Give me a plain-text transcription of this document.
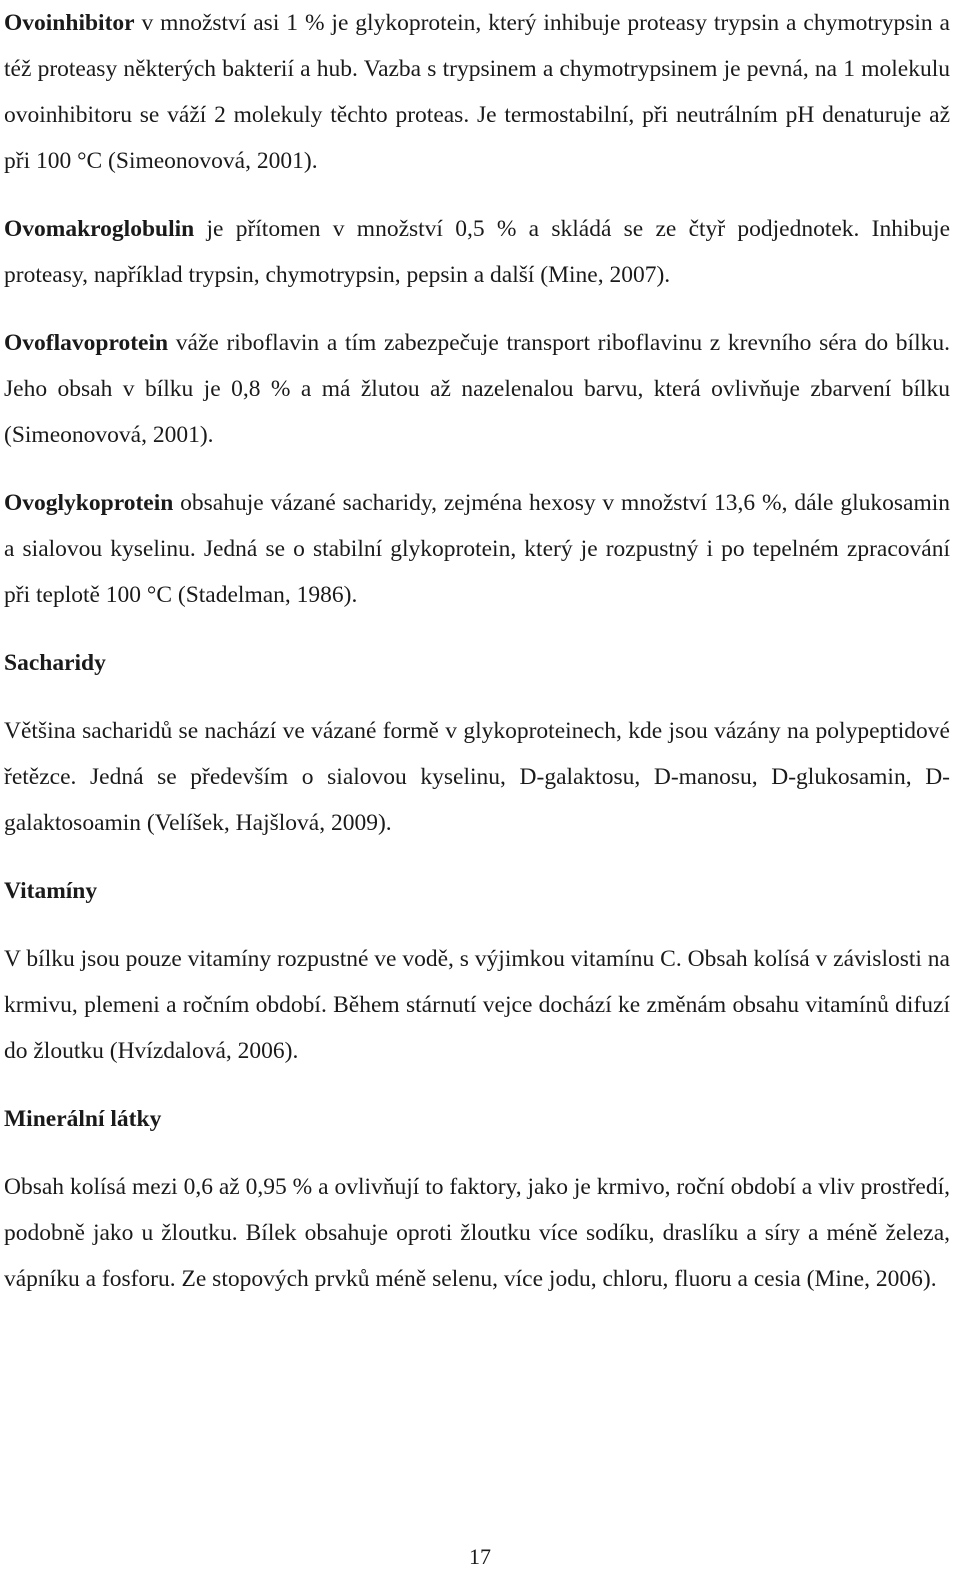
Ovoinhibitor v množství asi 1 % je glykoprotein, který inhibuje proteasy trypsin a chymotrypsin a též proteasy některých bakterií a hub. Vazba s trypsinem a chymotrypsinem je pevná, na 1 molekulu ovoinhibitoru se váží 2 molekuly těchto proteas. Je termostabilní, při neutrálním pH denaturuje až při 100 °C (Simeonovová, 2001).

Ovomakroglobulin je přítomen v množství 0,5 % a skládá se ze čtyř podjednotek. Inhibuje proteasy, například trypsin, chymotrypsin, pepsin a další (Mine, 2007).

Ovoflavoprotein váže riboflavin a tím zabezpečuje transport riboflavinu z krevního séra do bílku. Jeho obsah v bílku je 0,8 % a má žlutou až nazelenalou barvu, která ovlivňuje zbarvení bílku (Simeonovová, 2001).

Ovoglykoprotein obsahuje vázané sacharidy, zejména hexosy v množství 13,6 %, dále glukosamin a sialovou kyselinu. Jedná se o stabilní glykoprotein, který je rozpustný i po tepelném zpracování při teplotě 100 °C (Stadelman, 1986).

Sacharidy

Většina sacharidů se nachází ve vázané formě v glykoproteinech, kde jsou vázány na polypeptidové řetězce. Jedná se především o sialovou kyselinu, D-galaktosu, D-manosu, D-glukosamin, D-galaktosoamin (Velíšek, Hajšlová, 2009).

Vitamíny

V bílku jsou pouze vitamíny rozpustné ve vodě, s výjimkou vitamínu C. Obsah kolísá v závislosti na krmivu, plemeni a ročním období. Během stárnutí vejce dochází ke změnám obsahu vitamínů difuzí do žloutku (Hvízdalová, 2006).

Minerální látky

Obsah kolísá mezi 0,6 až 0,95 % a ovlivňují to faktory, jako je krmivo, roční období a vliv prostředí, podobně jako u žloutku. Bílek obsahuje oproti žloutku více sodíku, draslíku a síry a méně železa, vápníku a fosforu. Ze stopových prvků méně selenu, více jodu, chloru, fluoru a cesia (Mine, 2006).

17
